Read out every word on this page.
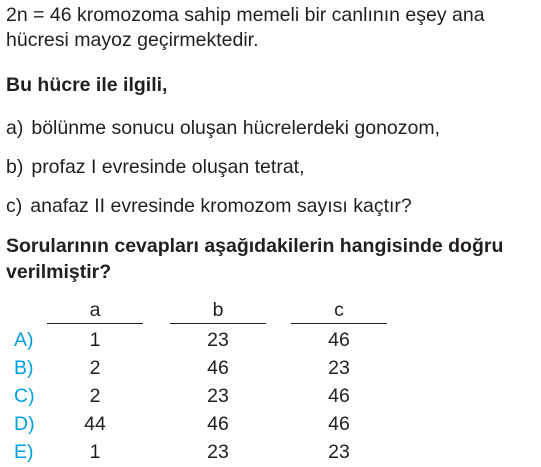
2n = 46 kromozoma sahip memeli bir canlının eşey ana
hücresi mayoz geçirmektedir.
Bu hücre ile ilgili,
a) bölünme sonucu oluşan hücrelerdeki gonozom,
b) profaz I evresinde oluşan tetrat,
c) anafaz II evresinde kromozom sayısı kaçtır?
Sorularının cevapları aşağıdakilerin hangisinde doğru
verilmiştir?
a	b	c
A)	1	23	46
B)	2	46	23
C)	2	23	46
D)	44	46	46
E)	1	23	23
